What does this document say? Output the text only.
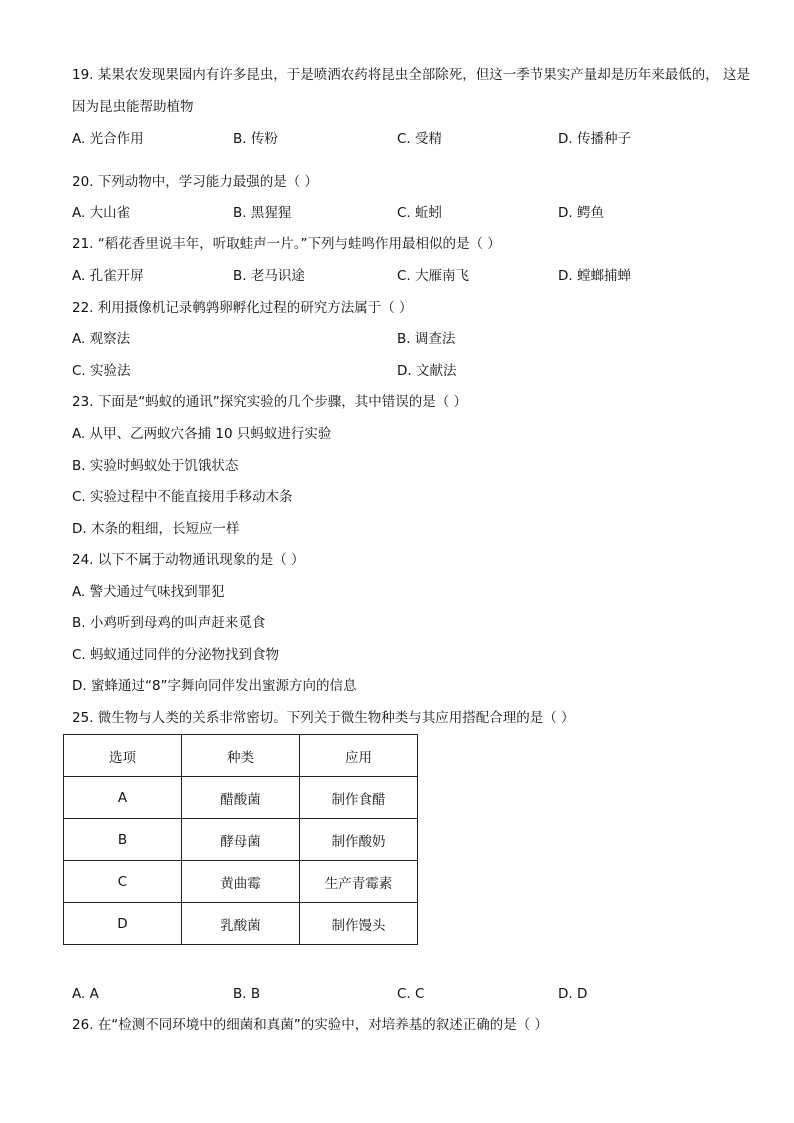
19. 某果农发现果园内有许多昆虫，于是喷洒农药将昆虫全部除死，但这一季节果实产量却是历年来最低的， 这是
因为昆虫能帮助植物
A. 光合作用	B. 传粉	C. 受精	D. 传播种子
20. 下列动物中，学习能力最强的是（ ）
A. 大山雀	B. 黑猩猩	C. 蚯蚓	D. 鳄鱼
21. “稻花香里说丰年，听取蛙声一片。”下列与蛙鸣作用最相似的是（ ）
A. 孔雀开屏	B. 老马识途	C. 大雁南飞	D. 螳螂捕蝉
22. 利用摄像机记录鹌鹑卵孵化过程的研究方法属于（ ）
A. 观察法	B. 调查法
C. 实验法	D. 文献法
23. 下面是“蚂蚁的通讯”探究实验的几个步骤，其中错误的是（ ）
A. 从甲、乙两蚁穴各捕 10 只蚂蚁进行实验
B. 实验时蚂蚁处于饥饿状态
C. 实验过程中不能直接用手移动木条
D. 木条的粗细，长短应一样
24. 以下不属于动物通讯现象的是（ ）
A. 警犬通过气味找到罪犯
B. 小鸡听到母鸡的叫声赶来觅食
C. 蚂蚁通过同伴的分泌物找到食物
D. 蜜蜂通过“8”字舞向同伴发出蜜源方向的信息
25. 微生物与人类的关系非常密切。下列关于微生物种类与其应用搭配合理的是（ ）
选项	种类	应用
A	醋酸菌	制作食醋
B	酵母菌	制作酸奶
C	黄曲霉	生产青霉素
D	乳酸菌	制作馒头
A. A	B. B	C. C	D. D
26. 在“检测不同环境中的细菌和真菌”的实验中，对培养基的叙述正确的是（ ）
